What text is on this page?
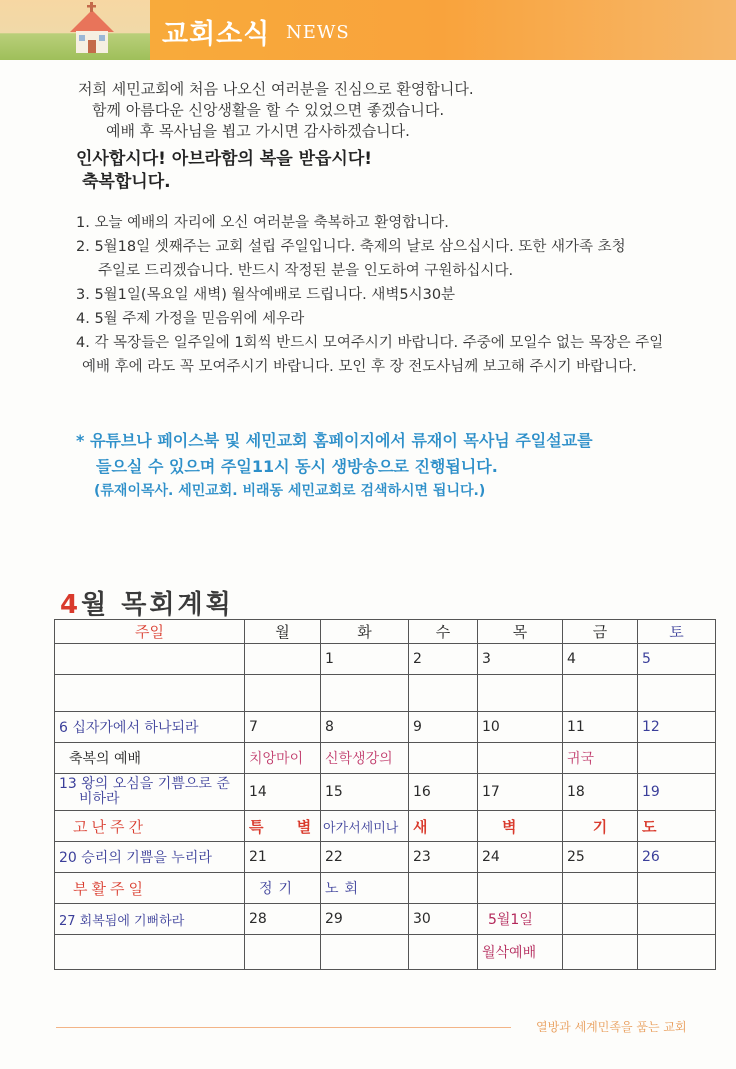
교회소식 NEWS
저희 세민교회에 처음 나오신 여러분을 진심으로 환영합니다.
함께 아름다운 신앙생활을 할 수 있었으면 좋겠습니다.
예배 후 목사님을 뵙고 가시면 감사하겠습니다.
인사합시다! 아브라함의 복을 받읍시다!
축복합니다.
1. 오늘 예배의 자리에 오신 여러분을 축복하고 환영합니다.
2. 5월18일 셋째주는 교회 설립 주일입니다. 축제의 날로 삼으십시다. 또한 새가족 초청
주일로 드리겠습니다. 반드시 작정된 분을 인도하여 구원하십시다.
3. 5월1일(목요일 새벽) 월삭예배로 드립니다. 새벽5시30분
4. 5월 주제 가정을 믿음위에 세우라
4. 각 목장들은 일주일에 1회씩 반드시 모여주시기 바랍니다. 주중에 모일수 없는 목장은 주일
예배 후에 라도 꼭 모여주시기 바랍니다. 모인 후 장 전도사님께 보고해 주시기 바랍니다.
* 유튜브나 페이스북 및 세민교회 홈페이지에서 류재이 목사님 주일설교를
들으실 수 있으며 주일11시 동시 생방송으로 진행됩니다.
(류재이목사. 세민교회. 비래동 세민교회로 검색하시면 됩니다.)
4월 목회계획
주일	월	화	수	목	금	토
		1	2	3	4	5

6 십자가에서 하나되라	7	8	9	10	11	12
축복의 예배	치앙마이	신학생강의			귀국	

13 왕의 오심을 기쁨으로 준
비하라	14	15	16	17	18	19
고난주간	특 별	아가서세미나	새	벽	기	도
20 승리의 기쁨을 누리라	21	22	23	24	25	26
부활주일	정기	노회				
27 회복됨에 기뻐하라	28	29	30	5월1일		
				월삭예배		
열방과 세계민족을 품는 교회
